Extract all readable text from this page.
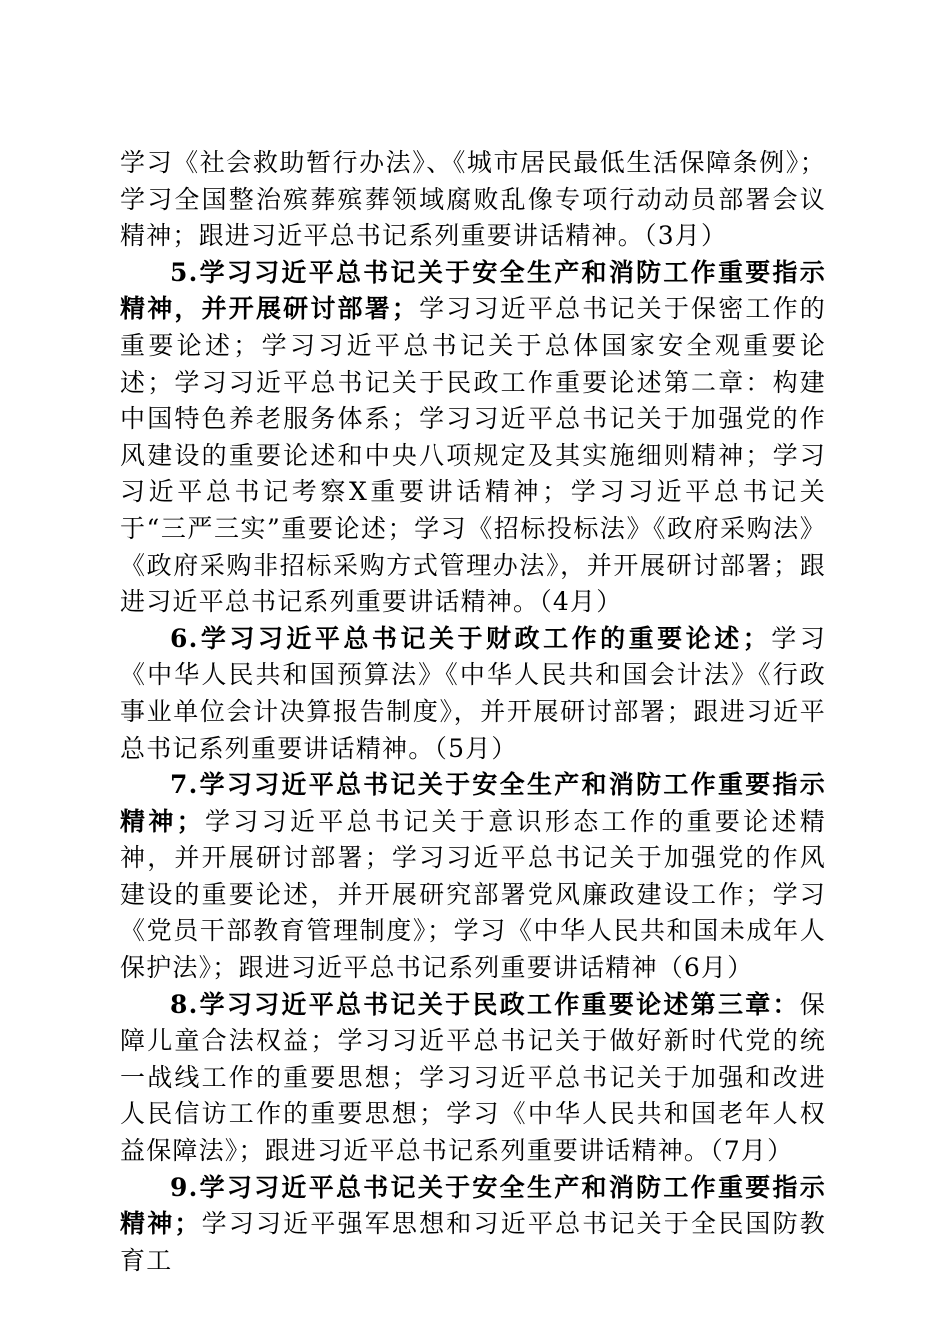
学习《社会救助暂行办法》、《城市居民最低生活保障条例》；学习全国整治殡葬殡葬领域腐败乱像专项行动动员部署会议精神；跟进习近平总书记系列重要讲话精神。（3月）

5.学习习近平总书记关于安全生产和消防工作重要指示精神，并开展研讨部署；学习习近平总书记关于保密工作的重要论述；学习习近平总书记关于总体国家安全观重要论述；学习习近平总书记关于民政工作重要论述第二章：构建中国特色养老服务体系；学习习近平总书记关于加强党的作风建设的重要论述和中央八项规定及其实施细则精神；学习习近平总书记考察X重要讲话精神；学习习近平总书记关于“三严三实”重要论述；学习《招标投标法》《政府采购法》《政府采购非招标采购方式管理办法》，并开展研讨部署；跟进习近平总书记系列重要讲话精神。（4月）

6.学习习近平总书记关于财政工作的重要论述；学习《中华人民共和国预算法》《中华人民共和国会计法》《行政事业单位会计决算报告制度》，并开展研讨部署；跟进习近平总书记系列重要讲话精神。（5月）

7.学习习近平总书记关于安全生产和消防工作重要指示精神；学习习近平总书记关于意识形态工作的重要论述精神，并开展研讨部署；学习习近平总书记关于加强党的作风建设的重要论述，并开展研究部署党风廉政建设工作；学习《党员干部教育管理制度》；学习《中华人民共和国未成年人保护法》；跟进习近平总书记系列重要讲话精神（6月）

8.学习习近平总书记关于民政工作重要论述第三章：保障儿童合法权益；学习习近平总书记关于做好新时代党的统一战线工作的重要思想；学习习近平总书记关于加强和改进人民信访工作的重要思想；学习《中华人民共和国老年人权益保障法》；跟进习近平总书记系列重要讲话精神。（7月）

9.学习习近平总书记关于安全生产和消防工作重要指示精神；学习习近平强军思想和习近平总书记关于全民国防教育工
